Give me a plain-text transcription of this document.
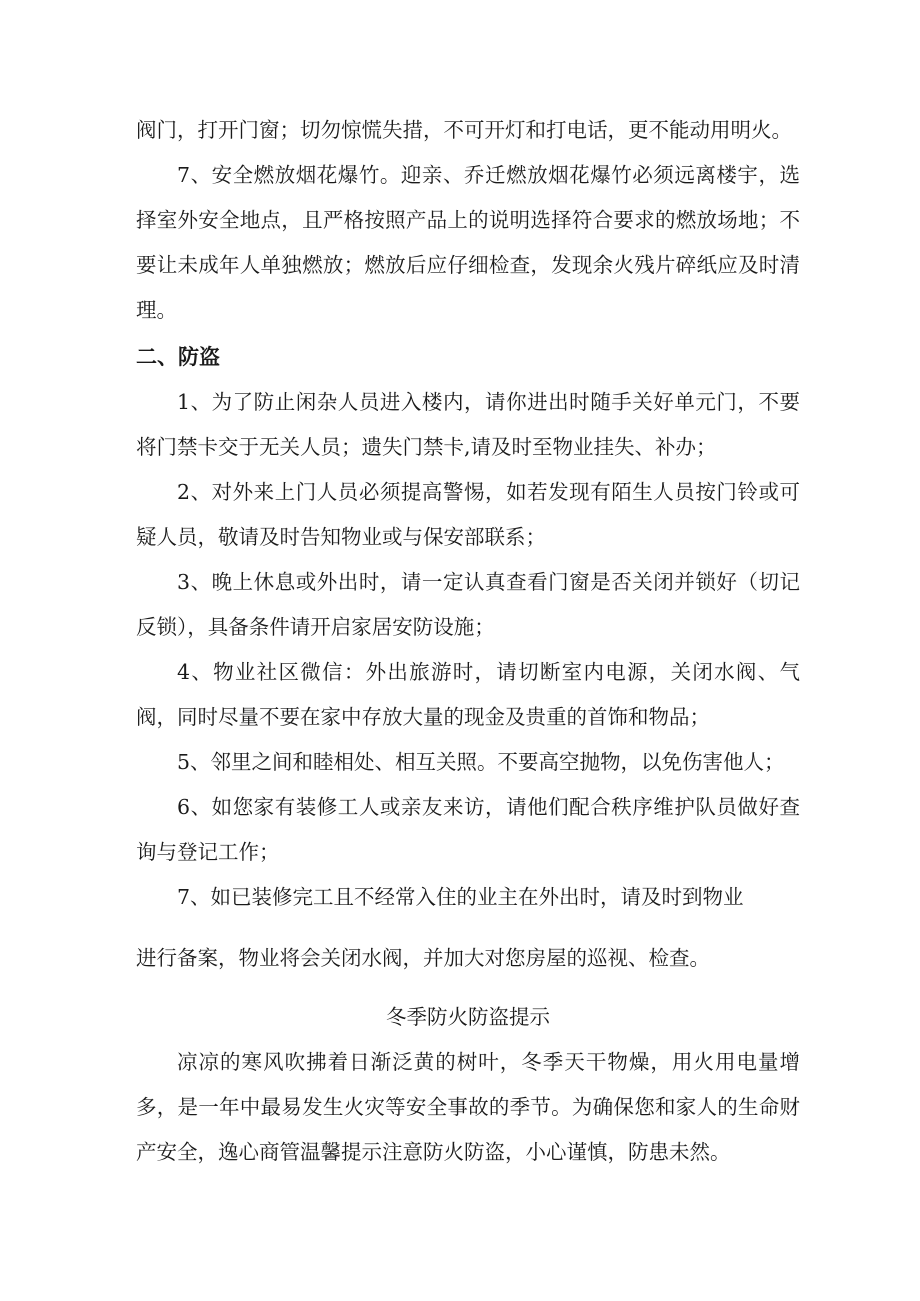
阀门，打开门窗；切勿惊慌失措，不可开灯和打电话，更不能动用明火。

7、安全燃放烟花爆竹。迎亲、乔迁燃放烟花爆竹必须远离楼宇，选择室外安全地点，且严格按照产品上的说明选择符合要求的燃放场地；不要让未成年人单独燃放；燃放后应仔细检查，发现余火残片碎纸应及时清理。

二、防盗

1、为了防止闲杂人员进入楼内，请你进出时随手关好单元门，不要将门禁卡交于无关人员；遗失门禁卡,请及时至物业挂失、补办；

2、对外来上门人员必须提高警惕，如若发现有陌生人员按门铃或可疑人员，敬请及时告知物业或与保安部联系；

3、晚上休息或外出时，请一定认真查看门窗是否关闭并锁好（切记反锁），具备条件请开启家居安防设施；

4、物业社区微信：外出旅游时，请切断室内电源，关闭水阀、气阀，同时尽量不要在家中存放大量的现金及贵重的首饰和物品；

5、邻里之间和睦相处、相互关照。不要高空抛物，以免伤害他人；

6、如您家有装修工人或亲友来访，请他们配合秩序维护队员做好查询与登记工作；

7、如已装修完工且不经常入住的业主在外出时，请及时到物业

进行备案，物业将会关闭水阀，并加大对您房屋的巡视、检查。

冬季防火防盗提示

凉凉的寒风吹拂着日渐泛黄的树叶，冬季天干物燥，用火用电量增多，是一年中最易发生火灾等安全事故的季节。为确保您和家人的生命财产安全，逸心商管温馨提示注意防火防盗，小心谨慎，防患未然。
